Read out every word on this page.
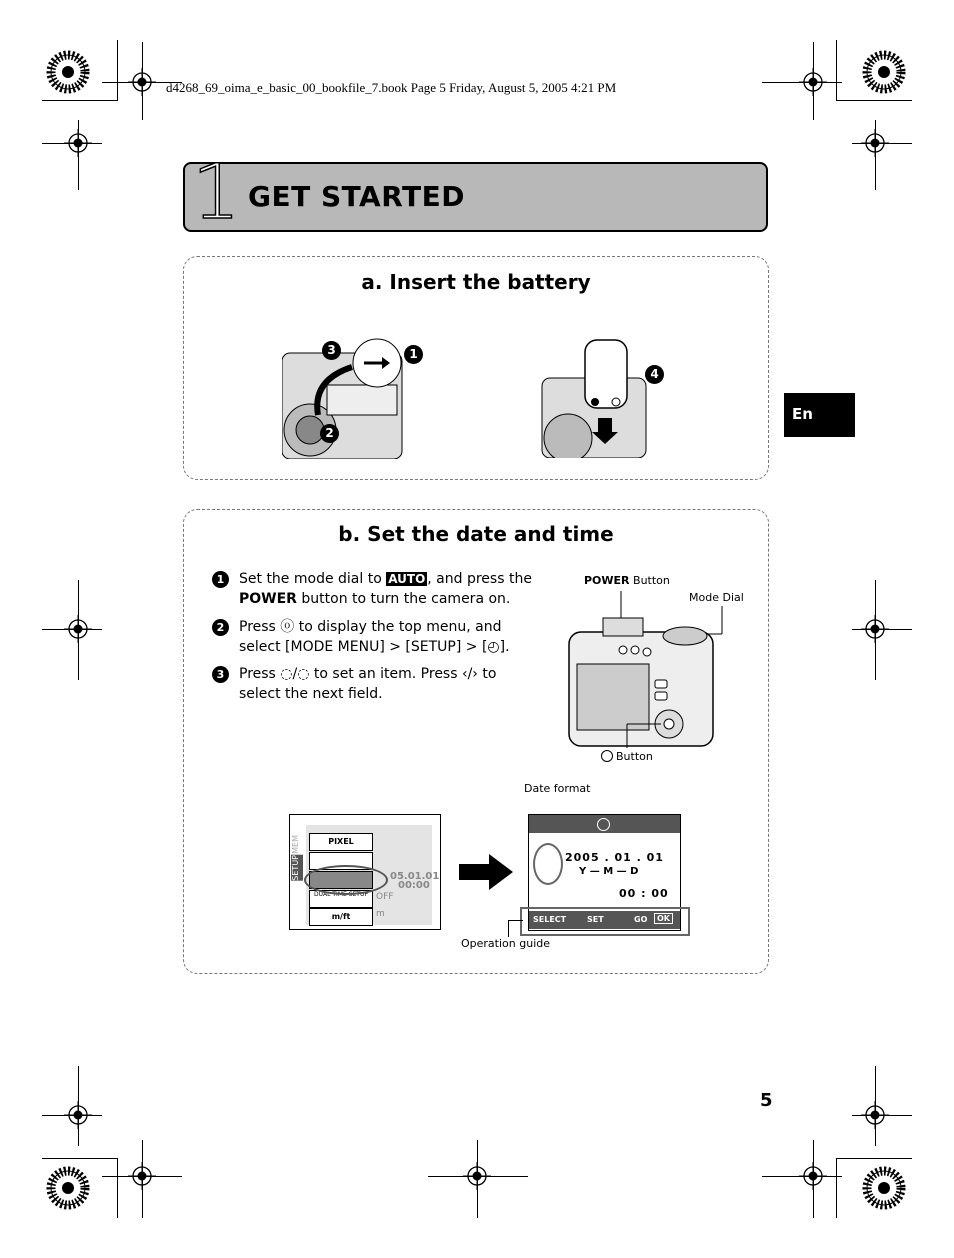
d4268_69_oima_e_basic_00_bookfile_7.book Page 5 Friday, August 5, 2005 4:21 PM
1 GET STARTED
En
a. Insert the battery
3	1
2
4
b. Set the date and time
1	Set the mode dial to AUTO , and press the POWER button to turn the camera on.
2	Press ⓞ to display the top menu, and select [MODE MENU] > [SETUP] > [◴].
3	Press ◌/◌ to set an item. Press ‹/› to select the next field.
POWER Button
Mode Dial
Button
MEM
SETUP
PIXEL
DUAL TIME SETUP
m/ft
05.01.01
00:00
OFF
m
Date format
2005 . 01 . 01
Y — M — D
00 : 00
SELECT	SET	GO	OK
Operation guide
5
